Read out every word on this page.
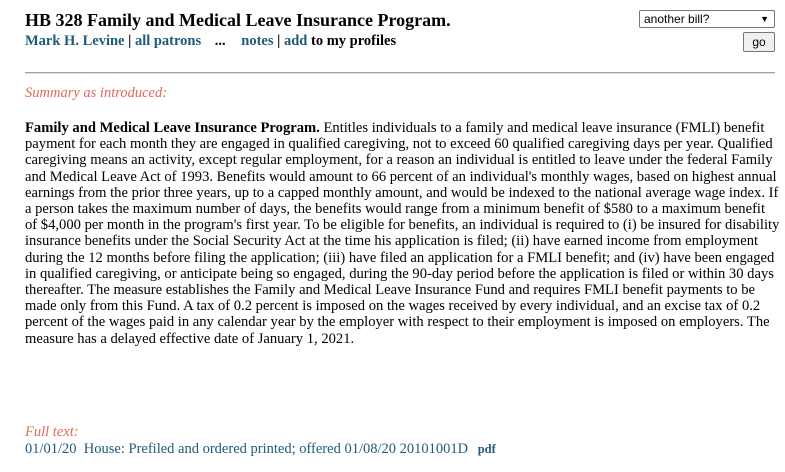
HB 328 Family and Medical Leave Insurance Program.
Mark H. Levine | all patrons ... notes | add to my profiles
another bill?	▼
go
Summary as introduced:
Family and Medical Leave Insurance Program. Entitles individuals to a family and medical leave insurance (FMLI) benefit payment for each month they are engaged in qualified caregiving, not to exceed 60 qualified caregiving days per year. Qualified caregiving means an activity, except regular employment, for a reason an individual is entitled to leave under the federal Family and Medical Leave Act of 1993. Benefits would amount to 66 percent of an individual's monthly wages, based on highest annual earnings from the prior three years, up to a capped monthly amount, and would be indexed to the national average wage index. If a person takes the maximum number of days, the benefits would range from a minimum benefit of $580 to a maximum benefit of $4,000 per month in the program's first year. To be eligible for benefits, an individual is required to (i) be insured for disability insurance benefits under the Social Security Act at the time his application is filed; (ii) have earned income from employment during the 12 months before filing the application; (iii) have filed an application for a FMLI benefit; and (iv) have been engaged in qualified caregiving, or anticipate being so engaged, during the 90-day period before the application is filed or within 30 days thereafter. The measure establishes the Family and Medical Leave Insurance Fund and requires FMLI benefit payments to be made only from this Fund. A tax of 0.2 percent is imposed on the wages received by every individual, and an excise tax of 0.2 percent of the wages paid in any calendar year by the employer with respect to their employment is imposed on employers. The measure has a delayed effective date of January 1, 2021.
Full text:
01/01/20  House: Prefiled and ordered printed; offered 01/08/20 20101001D pdf
